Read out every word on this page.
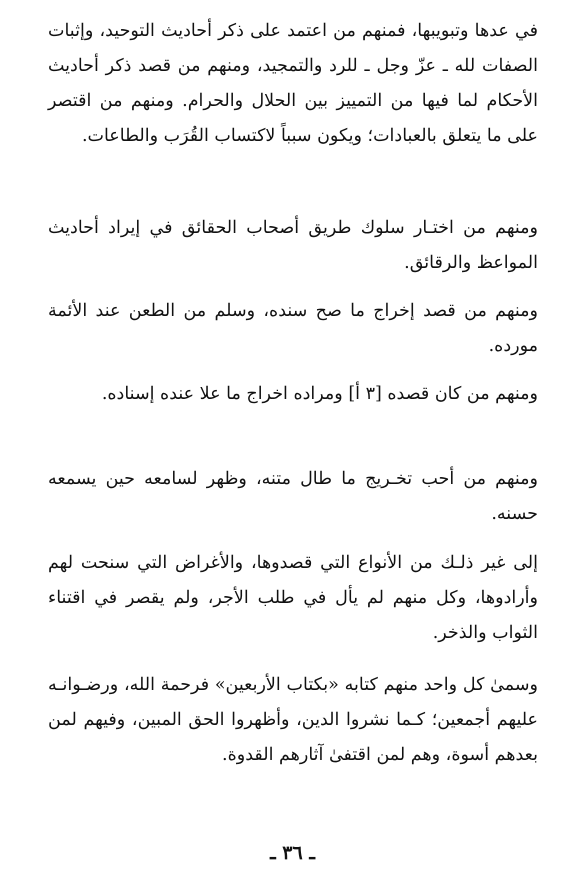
في عدها وتبويبها، فمنهم من اعتمد على ذكر أحاديث التوحيد، وإثبات الصفات لله ـ عزّ وجل ـ للرد والتمجيد، ومنهم من قصد ذكر أحاديث الأحكام لما فيها من التمييز بين الحلال والحرام. ومنهم من اقتصر على ما يتعلق بالعبادات؛ ويكون سبباً لاكتساب القُرَب والطاعات.

ومنهم من اختـار سلوك طريق أصحاب الحقائق في إيراد أحاديث المواعظ والرقائق.

ومنهم من قصد إخراج ما صح سنده، وسلم من الطعن عند الأئمة مورده.

ومنهم من كان قصده [٣ أ] ومراده اخراج ما علا عنده إسناده.

ومنهم من أحب تخـريج ما طال متنه، وظهر لسامعه حين يسمعه حسنه.

إلى غير ذلـك من الأنواع التي قصدوها، والأغراض التي سنحت لهم وأرادوها، وكل منهم لم يأل في طلب الأجر، ولم يقصر في اقتناء الثواب والذخر.

وسمىٰ كل واحد منهم كتابه «بكتاب الأربعين» فرحمة الله، ورضـوانـه عليهم أجمعين؛ كـما نشروا الدين، وأظهروا الحق المبين، وفيهم لمن بعدهم أسوة، وهم لمن اقتفىٰ آثارهم القدوة.

ـ ٣٦ ـ
